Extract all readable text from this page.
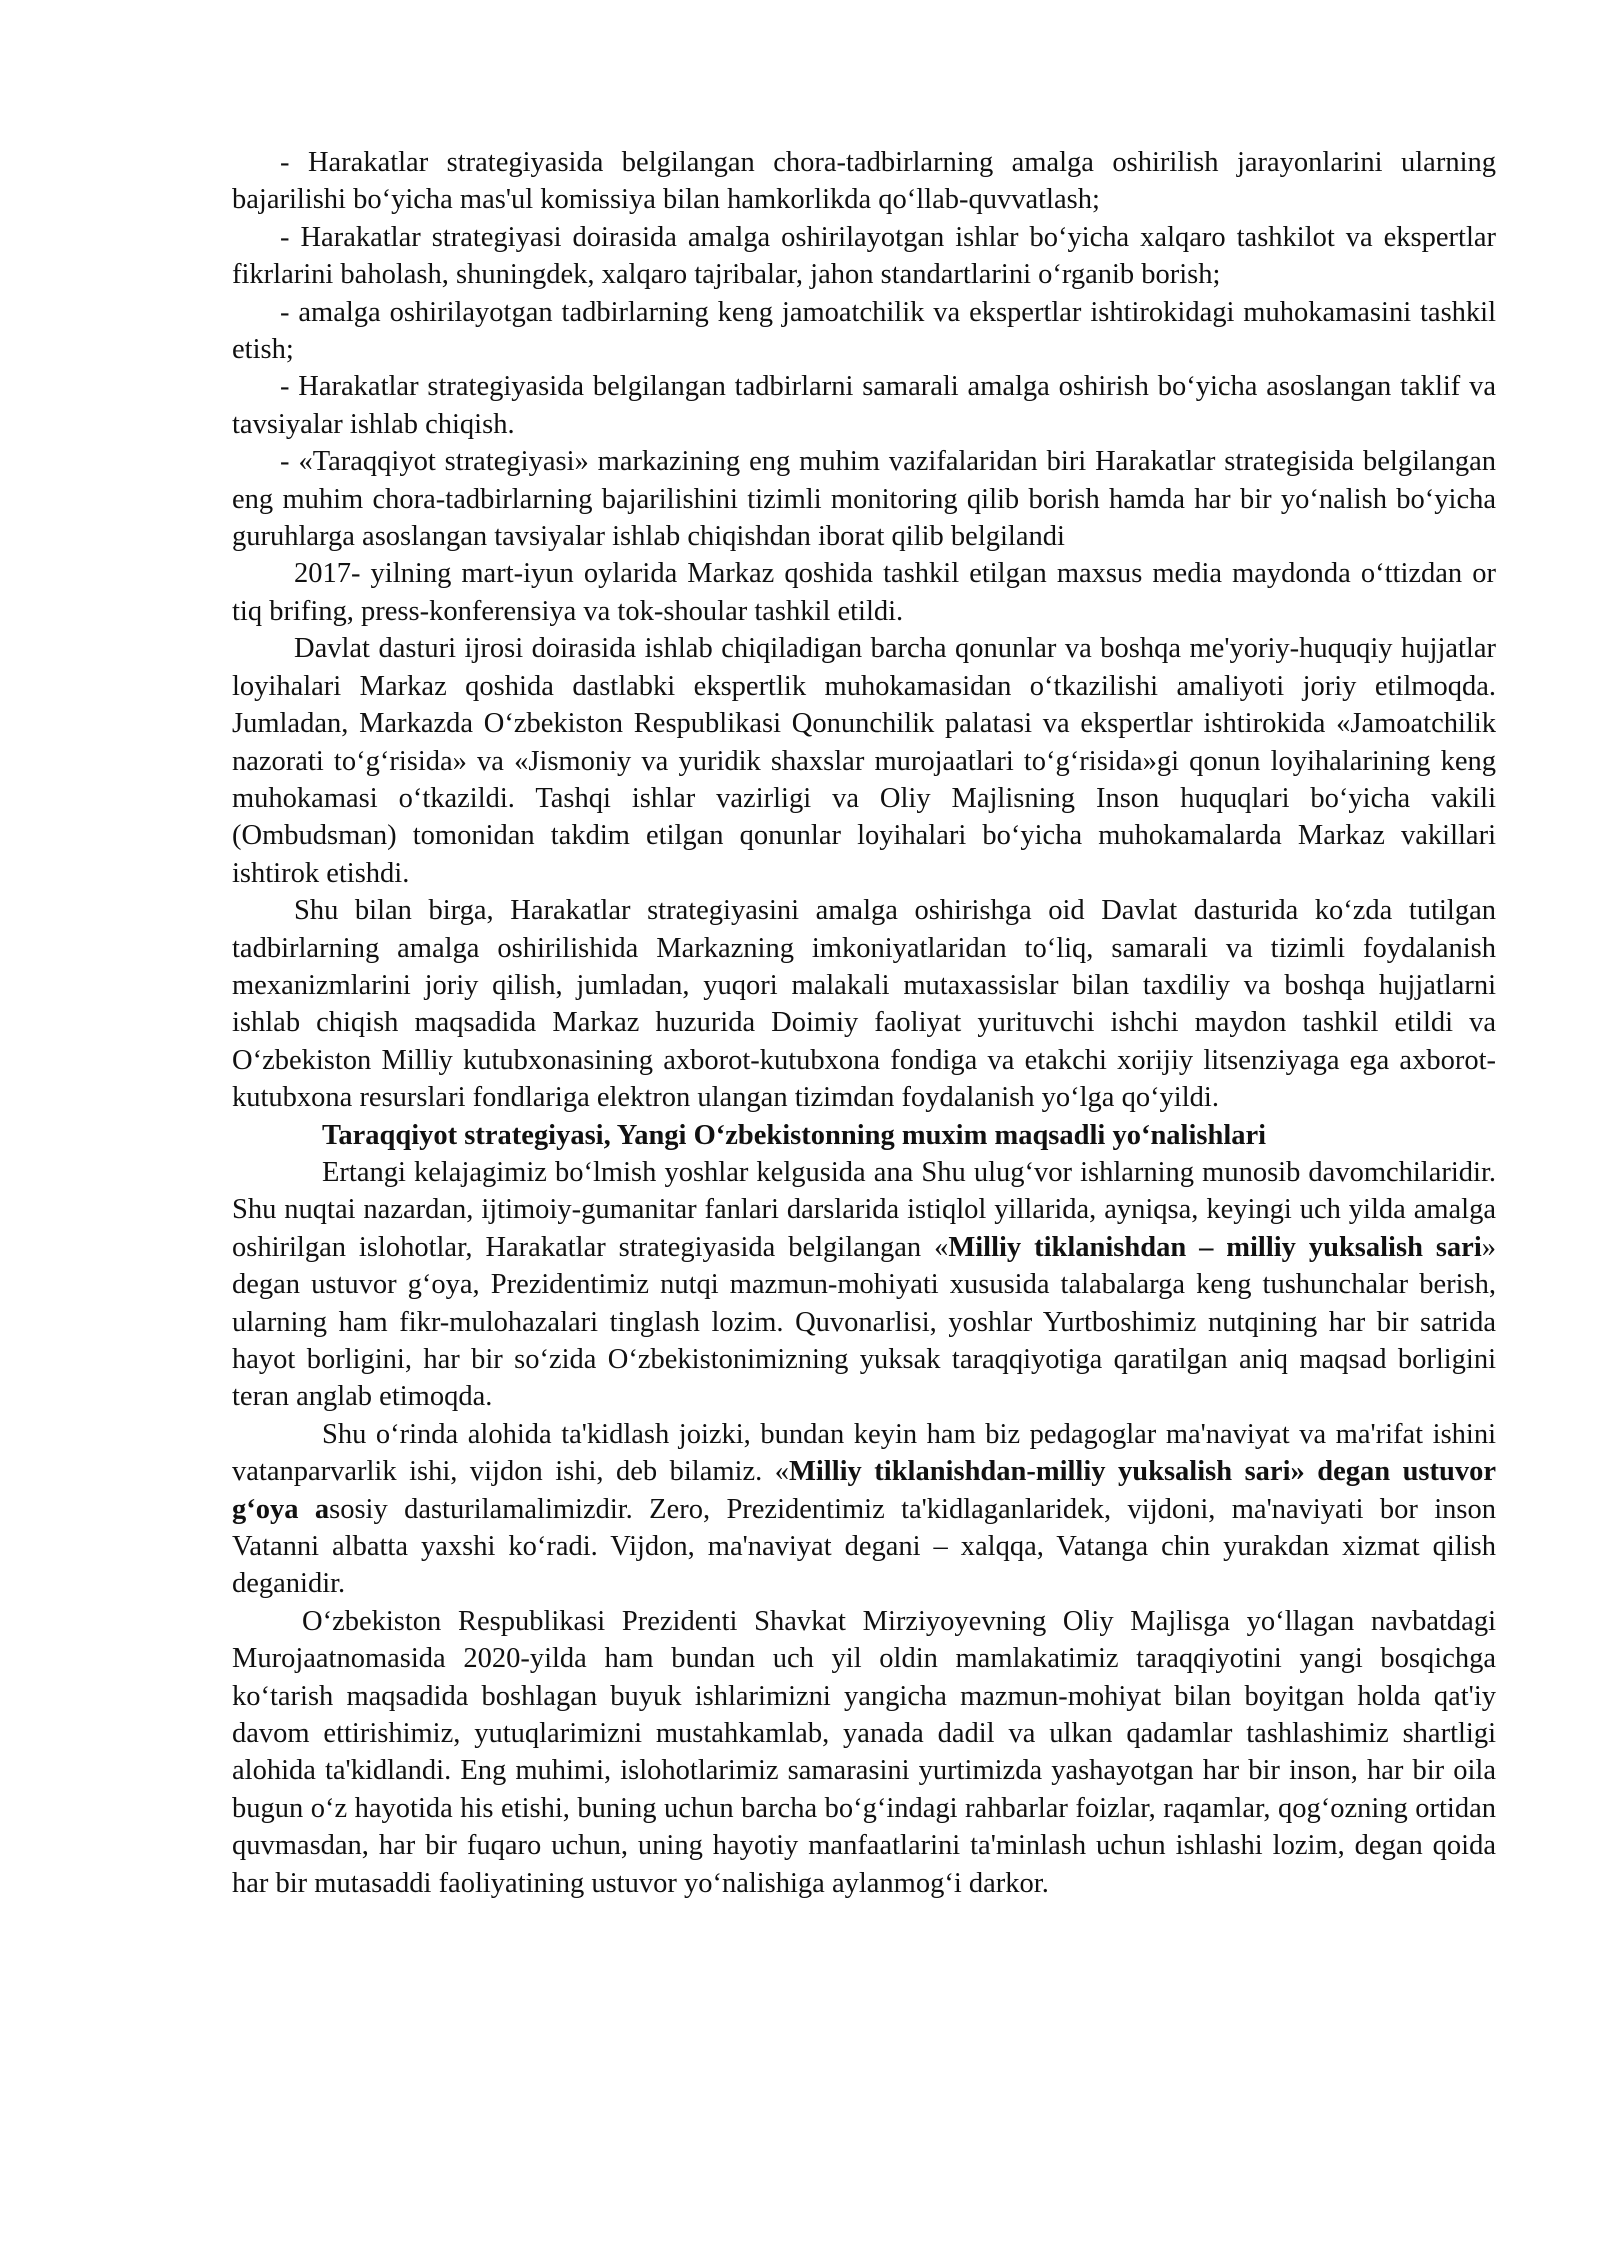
- Harakatlar strategiyasida belgilangan chora-tadbirlarning amalga oshirilish jarayonlarini ularning bajarilishi bo‘yicha mas'ul komissiya bilan hamkorlikda qo‘llab-quvvatlash;

- Harakatlar strategiyasi doirasida amalga oshirilayotgan ishlar bo‘yicha xalqaro tashkilot va ekspertlar fikrlarini baholash, shuningdek, xalqaro tajribalar, jahon standartlarini o‘rganib borish;

- amalga oshirilayotgan tadbirlarning keng jamoatchilik va ekspertlar ishtirokidagi muhokamasini tashkil etish;

- Harakatlar strategiyasida belgilangan tadbirlarni samarali amalga oshirish bo‘yicha asoslangan taklif va tavsiyalar ishlab chiqish.

- «Taraqqiyot strategiyasi» markazining eng muhim vazifalaridan biri Harakatlar strategisida belgilangan eng muhim chora-tadbirlarning bajarilishini tizimli monitoring qilib borish hamda har bir yo‘nalish bo‘yicha guruhlarga asoslangan tavsiyalar ishlab chiqishdan iborat qilib belgilandi

2017- yilning mart-iyun oylarida Markaz qoshida tashkil etilgan maxsus media maydonda o‘ttizdan or tiq brifing, press-konferensiya va tok-shoular tashkil etildi.

Davlat dasturi ijrosi doirasida ishlab chiqiladigan barcha qonunlar va boshqa me'yoriy-huquqiy hujjatlar loyihalari Markaz qoshida dastlabki ekspertlik muhokamasidan o‘tkazilishi amaliyoti joriy etilmoqda. Jumladan, Markazda O‘zbekiston Respublikasi Qonunchilik palatasi va ekspertlar ishtirokida «Jamoatchilik nazorati to‘g‘risida» va «Jismoniy va yuridik shaxslar murojaatlari to‘g‘risida»gi qonun loyihalarining keng muhokamasi o‘tkazildi. Tashqi ishlar vazirligi va Oliy Majlisning Inson huquqlari bo‘yicha vakili (Ombudsman) tomonidan takdim etilgan qonunlar loyihalari bo‘yicha muhokamalarda Markaz vakillari ishtirok etishdi.

Shu bilan birga, Harakatlar strategiyasini amalga oshirishga oid Davlat dasturida ko‘zda tutilgan tadbirlarning amalga oshirilishida Markazning imkoniyatlaridan to‘liq, samarali va tizimli foydalanish mexanizmlarini joriy qilish, jumladan, yuqori malakali mutaxassislar bilan taxdiliy va boshqa hujjatlarni ishlab chiqish maqsadida Markaz huzurida Doimiy faoliyat yurituvchi ishchi maydon tashkil etildi va O‘zbekiston Milliy kutubxonasining axborot-kutubxona fondiga va etakchi xorijiy litsenziyaga ega axborot-kutubxona resurslari fondlariga elektron ulangan tizimdan foydalanish yo‘lga qo‘yildi.

Taraqqiyot strategiyasi, Yangi O‘zbekistonning muxim maqsadli yo‘nalishlari

Ertangi kelajagimiz bo‘lmish yoshlar kelgusida ana Shu ulug‘vor ishlarning munosib davomchilaridir. Shu nuqtai nazardan, ijtimoiy-gumanitar fanlari darslarida istiqlol yillarida, ayniqsa, keyingi uch yilda amalga oshirilgan islohotlar, Harakatlar strategiyasida belgilangan «Milliy tiklanishdan – milliy yuksalish sari» degan ustuvor g‘oya, Prezidentimiz nutqi mazmun-mohiyati xususida talabalarga keng tushunchalar berish, ularning ham fikr-mulohazalari tinglash lozim. Quvonarlisi, yoshlar Yurtboshimiz nutqining har bir satrida hayot borligini, har bir so‘zida O‘zbekistonimizning yuksak taraqqiyotiga qaratilgan aniq maqsad borligini teran anglab etimoqda.

Shu o‘rinda alohida ta'kidlash joizki, bundan keyin ham biz pedagoglar ma'naviyat va ma'rifat ishini vatanparvarlik ishi, vijdon ishi, deb bilamiz. «Milliy tiklanishdan-milliy yuksalish sari» degan ustuvor g‘oya asosiy dasturilamalimizdir. Zero, Prezidentimiz ta'kidlaganlaridek, vijdoni, ma'naviyati bor inson Vatanni albatta yaxshi ko‘radi. Vijdon, ma'naviyat degani – xalqqa, Vatanga chin yurakdan xizmat qilish deganidir.

O‘zbekiston Respublikasi Prezidenti Shavkat Mirziyoyevning Oliy Majlisga yo‘llagan navbatdagi Murojaatnomasida 2020-yilda ham bundan uch yil oldin mamlakatimiz taraqqiyotini yangi bosqichga ko‘tarish maqsadida boshlagan buyuk ishlarimizni yangicha mazmun-mohiyat bilan boyitgan holda qat'iy davom ettirishimiz, yutuqlarimizni mustahkamlab, yanada dadil va ulkan qadamlar tashlashimiz shartligi alohida ta'kidlandi. Eng muhimi, islohotlarimiz samarasini yurtimizda yashayotgan har bir inson, har bir oila bugun o‘z hayotida his etishi, buning uchun barcha bo‘g‘indagi rahbarlar foizlar, raqamlar, qog‘ozning ortidan quvmasdan, har bir fuqaro uchun, uning hayotiy manfaatlarini ta'minlash uchun ishlashi lozim, degan qoida har bir mutasaddi faoliyatining ustuvor yo‘nalishiga aylanmog‘i darkor.
